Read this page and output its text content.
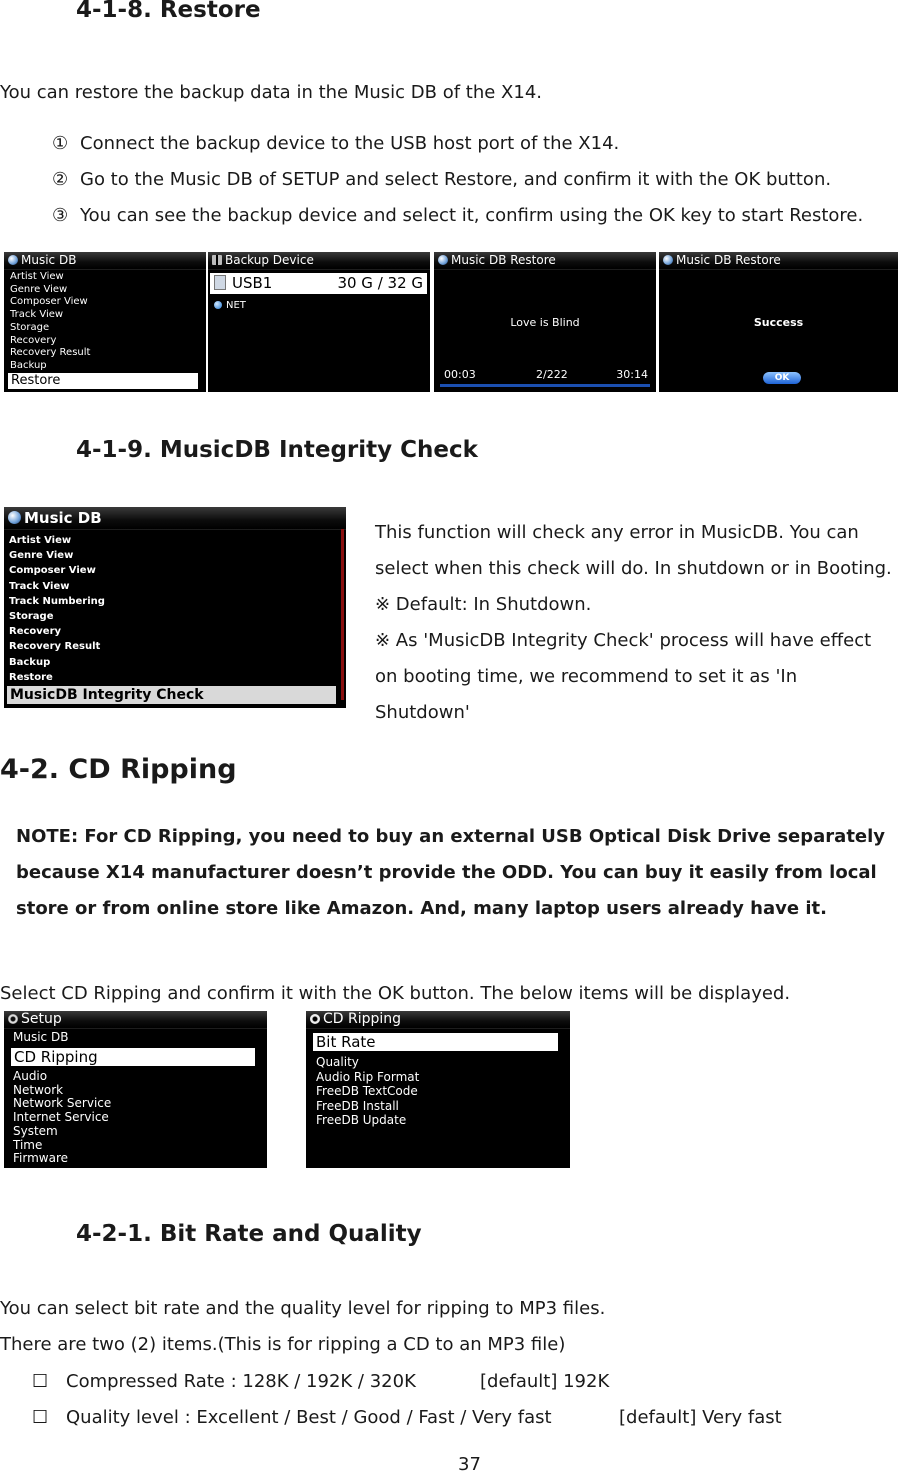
4-1-8. Restore
You can restore the backup data in the Music DB of the X14.
① Connect the backup device to the USB host port of the X14.
② Go to the Music DB of SETUP and select Restore, and confirm it with the OK button.
③ You can see the backup device and select it, confirm using the OK key to start Restore.
Music DB
Artist View
Genre View
Composer View
Track View
Storage
Recovery
Recovery Result
Backup
Restore
Backup Device
USB1	30 G / 32 G
NET
Music DB Restore
Love is Blind
00:03	2/222	30:14
Music DB Restore
Success
OK
4-1-9. MusicDB Integrity Check
Music DB
Artist View
Genre View
Composer View
Track View
Track Numbering
Storage
Recovery
Recovery Result
Backup
Restore
MusicDB Integrity Check
This function will check any error in MusicDB. You can
select when this check will do. In shutdown or in Booting.
※ Default: In Shutdown.
※ As 'MusicDB Integrity Check' process will have effect
on booting time, we recommend to set it as 'In
Shutdown'
4-2. CD Ripping
NOTE: For CD Ripping, you need to buy an external USB Optical Disk Drive separately
because X14 manufacturer doesn’t provide the ODD. You can buy it easily from local
store or from online store like Amazon. And, many laptop users already have it.
Select CD Ripping and confirm it with the OK button. The below items will be displayed.
Setup
Music DB
CD Ripping
Audio
Network
Network Service
Internet Service
System
Time
Firmware
CD Ripping
Bit Rate
Quality
Audio Rip Format
FreeDB TextCode
FreeDB Install
FreeDB Update
4-2-1. Bit Rate and Quality
You can select bit rate and the quality level for ripping to MP3 files.
There are two (2) items.(This is for ripping a CD to an MP3 file)
☐ Compressed Rate : 128K / 192K / 320K	[default] 192K
☐ Quality level : Excellent / Best / Good / Fast / Very fast	[default] Very fast
37
